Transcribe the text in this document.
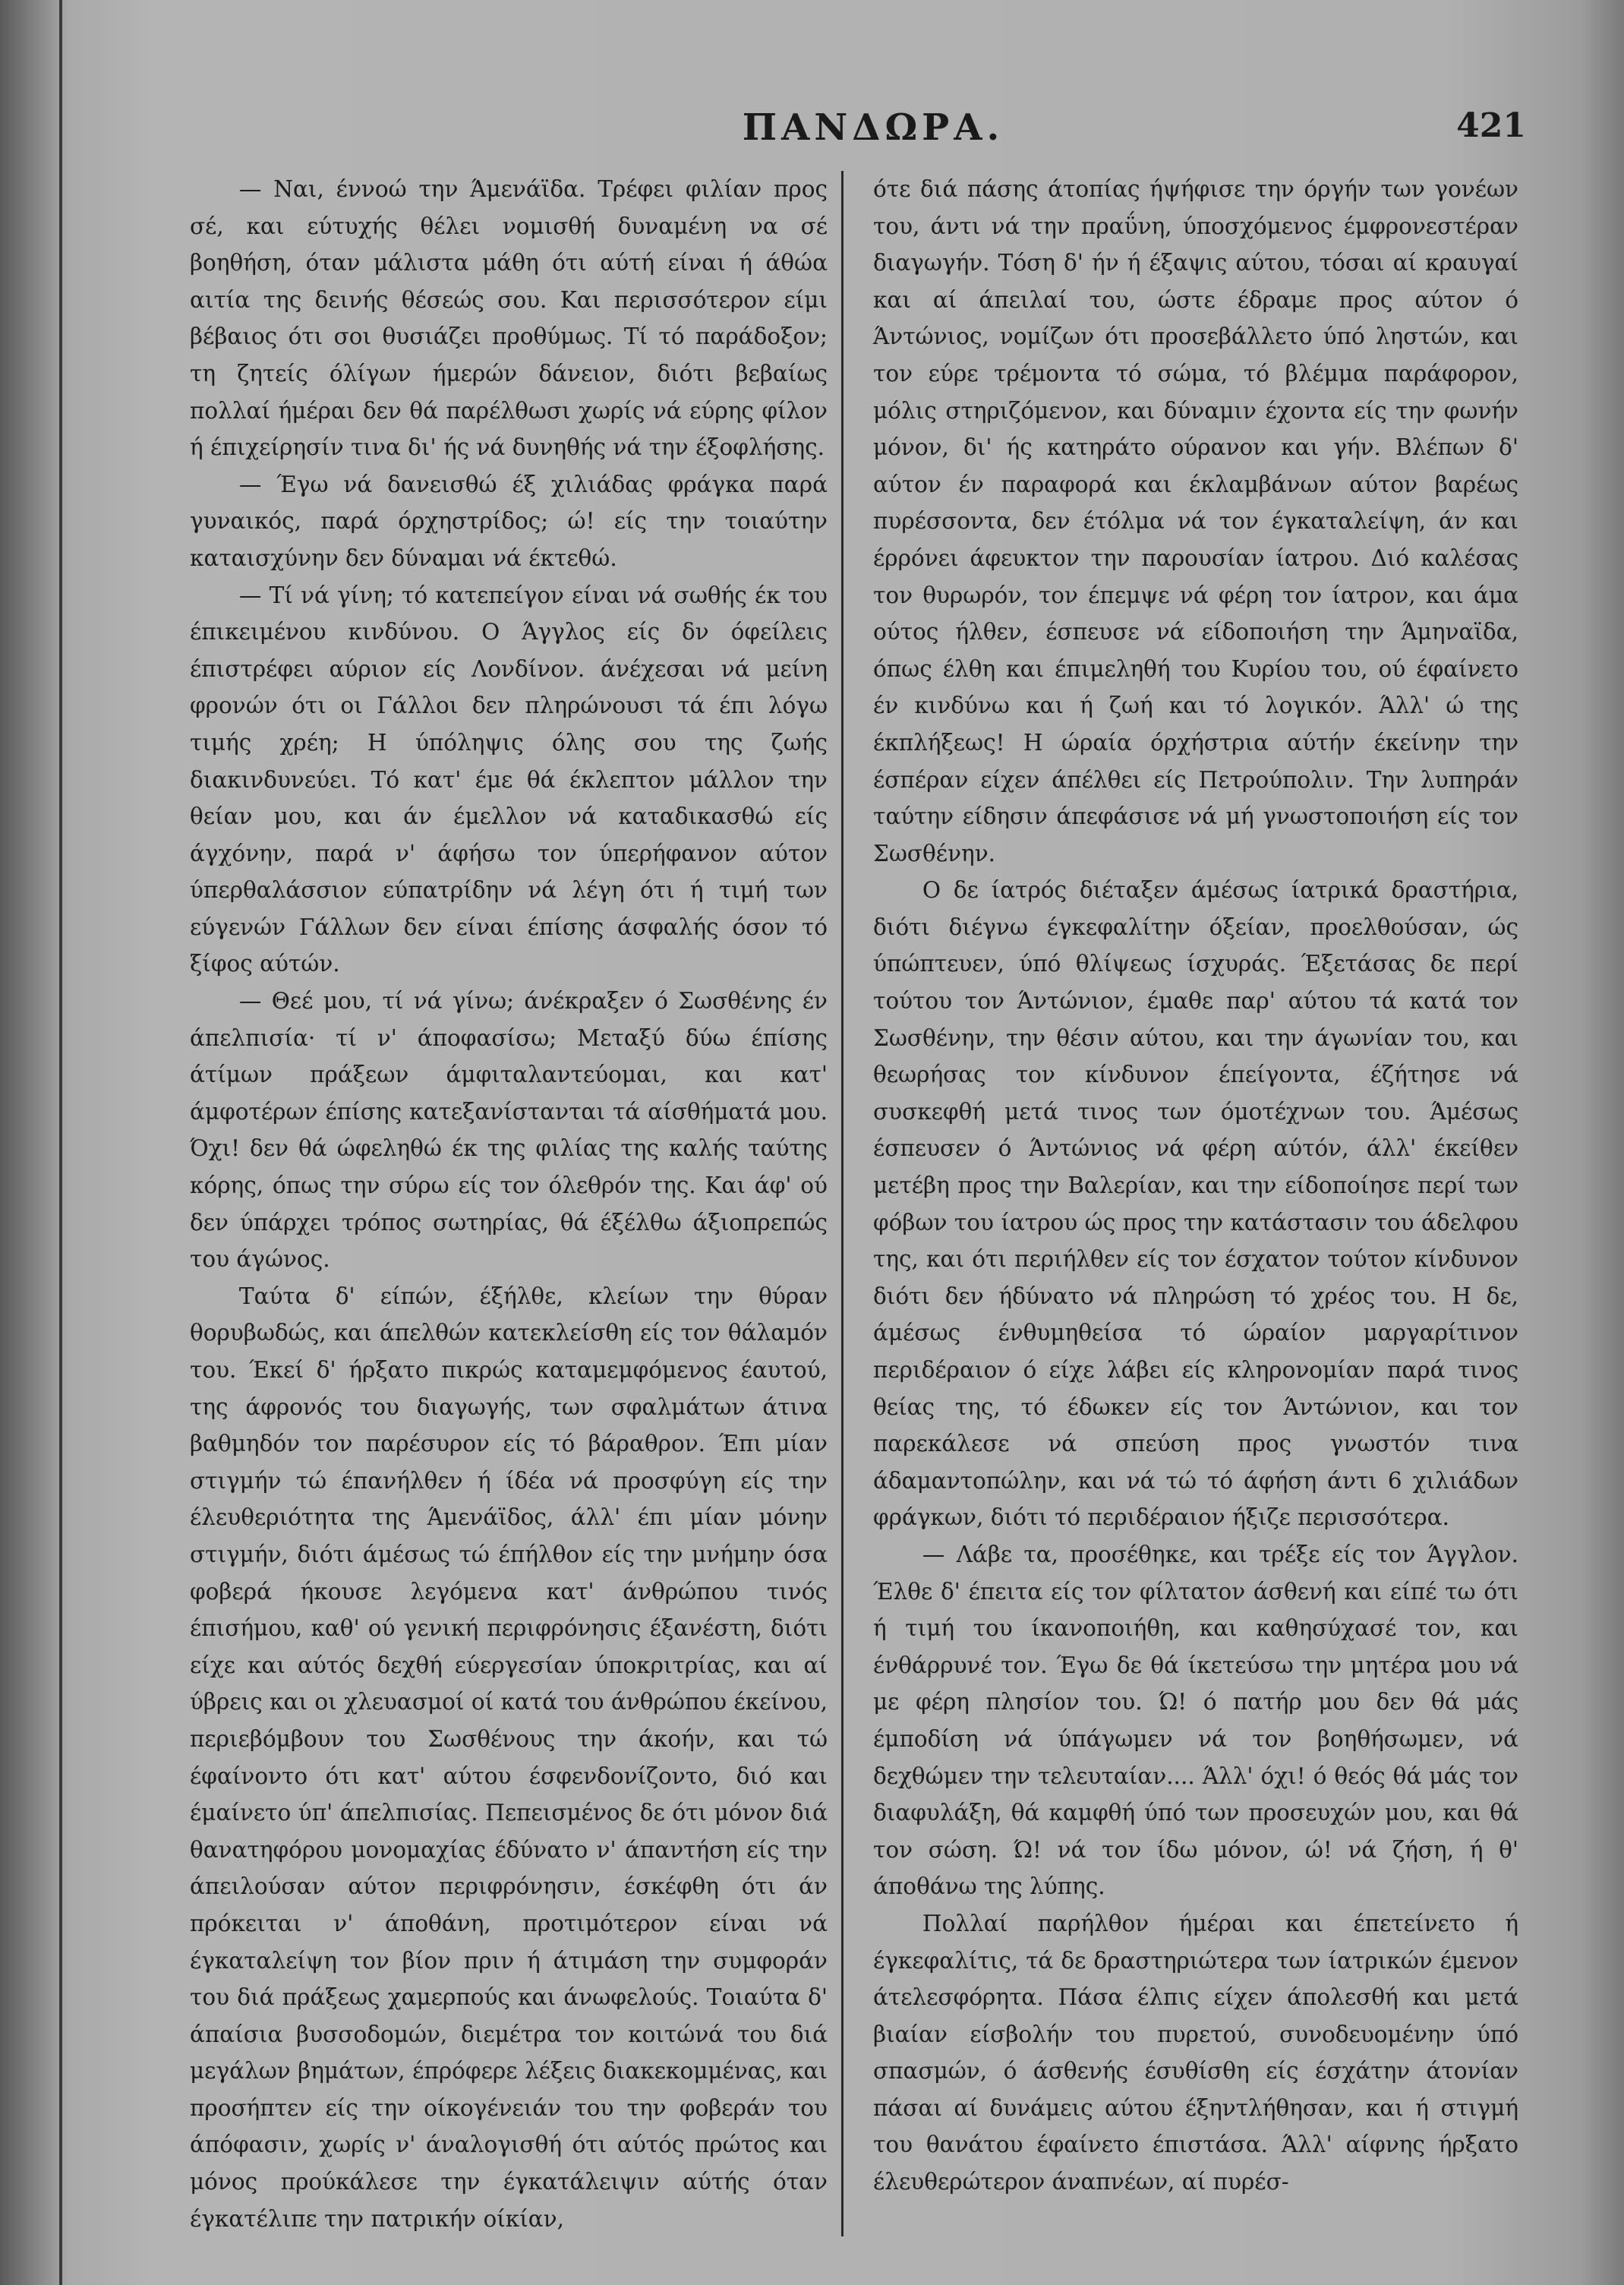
ΠΑΝΔΩΡΑ.	421

— Ναι, έννοώ την Άμενάϊδα. Τρέφει φιλίαν προς σέ, και εύτυχής θέλει νομισθή δυναμένη να σέ βοηθήση, όταν μάλιστα μάθη ότι αύτή είναι ή άθώα αιτία της δεινής θέσεώς σου. Και περισσότερον είμι βέβαιος ότι σοι θυσιάζει προθύμως. Τί τό παράδοξον; τη ζητείς όλίγων ήμερών δάνειον, διότι βεβαίως πολλαί ήμέραι δεν θά παρέλθωσι χωρίς νά εύρης φίλον ή έπιχείρησίν τινα δι' ής νά δυνηθής νά την έξοφλήσης.

— Έγω νά δανεισθώ έξ χιλιάδας φράγκα παρά γυναικός, παρά όρχηστρίδος; ώ! είς την τοιαύτην καταισχύνην δεν δύναμαι νά έκτεθώ.

— Τί νά γίνη; τό κατεπείγον είναι νά σωθής έκ του έπικειμένου κινδύνου. Ο Άγγλος είς δν όφείλεις έπιστρέφει αύριον είς Λονδίνον. άνέχεσαι νά μείνη φρονών ότι οι Γάλλοι δεν πληρώνουσι τά έπι λόγω τιμής χρέη; Η ύπόληψις όλης σου της ζωής διακινδυνεύει. Τό κατ' έμε θά έκλεπτον μάλλον την θείαν μου, και άν έμελλον νά καταδικασθώ είς άγχόνην, παρά ν' άφήσω τον ύπερήφανον αύτον ύπερθαλάσσιον εύπατρίδην νά λέγη ότι ή τιμή των εύγενών Γάλλων δεν είναι έπίσης άσφαλής όσον τό ξίφος αύτών.

— Θεέ μου, τί νά γίνω; άνέκραξεν ό Σωσθένης έν άπελπισία· τί ν' άποφασίσω; Μεταξύ δύω έπίσης άτίμων πράξεων άμφιταλαντεύομαι, και κατ' άμφοτέρων έπίσης κατεξανίστανται τά αίσθήματά μου. Όχι! δεν θά ώφεληθώ έκ της φιλίας της καλής ταύτης κόρης, όπως την σύρω είς τον όλεθρόν της. Και άφ' ού δεν ύπάρχει τρόπος σωτηρίας, θά έξέλθω άξιοπρεπώς του άγώνος.

Ταύτα δ' είπών, έξήλθε, κλείων την θύραν θορυβωδώς, και άπελθών κατεκλείσθη είς τον θάλαμόν του. Έκεί δ' ήρξατο πικρώς καταμεμφόμενος έαυτού, της άφρονός του διαγωγής, των σφαλμάτων άτινα βαθμηδόν τον παρέσυρον είς τό βάραθρον. Έπι μίαν στιγμήν τώ έπανήλθεν ή ίδέα νά προσφύγη είς την έλευθεριότητα της Άμενάϊδος, άλλ' έπι μίαν μόνην στιγμήν, διότι άμέσως τώ έπήλθον είς την μνήμην όσα φοβερά ήκουσε λεγόμενα κατ' άνθρώπου τινός έπισήμου, καθ' ού γενική περιφρόνησις έξανέστη, διότι είχε και αύτός δεχθή εύεργεσίαν ύποκριτρίας, και αί ύβρεις και οι χλευασμοί οί κατά του άνθρώπου έκείνου, περιεβόμβουν του Σωσθένους την άκοήν, και τώ έφαίνοντο ότι κατ' αύτου έσφενδονίζοντο, διό και έμαίνετο ύπ' άπελπισίας. Πεπεισμένος δε ότι μόνον διά θανατηφόρου μονομαχίας έδύνατο ν' άπαντήση είς την άπειλούσαν αύτον περιφρόνησιν, έσκέφθη ότι άν πρόκειται ν' άποθάνη, προτιμότερον είναι νά έγκαταλείψη τον βίον πριν ή άτιμάση την συμφοράν του διά πράξεως χαμερπούς και άνωφελούς. Τοιαύτα δ' άπαίσια βυσσοδομών, διεμέτρα τον κοιτώνά του διά μεγάλων βημάτων, έπρόφερε λέξεις διακεκομμένας, και προσήπτεν είς την οίκογένειάν του την φοβεράν του άπόφασιν, χωρίς ν' άναλογισθή ότι αύτός πρώτος και μόνος προύκάλεσε την έγκατάλειψιν αύτής όταν έγκατέλιπε την πατρικήν οίκίαν,

ότε διά πάσης άτοπίας ήψήφισε την όργήν των γονέων του, άντι νά την πραΰνη, ύποσχόμενος έμφρονεστέραν διαγωγήν. Τόση δ' ήν ή έξαψις αύτου, τόσαι αί κραυγαί και αί άπειλαί του, ώστε έδραμε προς αύτον ό Άντώνιος, νομίζων ότι προσεβάλλετο ύπό ληστών, και τον εύρε τρέμοντα τό σώμα, τό βλέμμα παράφορον, μόλις στηριζόμενον, και δύναμιν έχοντα είς την φωνήν μόνον, δι' ής κατηράτο ούρανον και γήν. Βλέπων δ' αύτον έν παραφορά και έκλαμβάνων αύτον βαρέως πυρέσσοντα, δεν έτόλμα νά τον έγκαταλείψη, άν και έρρόνει άφευκτον την παρουσίαν ίατρου. Διό καλέσας τον θυρωρόν, τον έπεμψε νά φέρη τον ίατρον, και άμα ούτος ήλθεν, έσπευσε νά είδοποιήση την Άμηναϊδα, όπως έλθη και έπιμεληθή του Κυρίου του, ού έφαίνετο έν κινδύνω και ή ζωή και τό λογικόν. Άλλ' ώ της έκπλήξεως! Η ώραία όρχήστρια αύτήν έκείνην την έσπέραν είχεν άπέλθει είς Πετρούπολιν. Την λυπηράν ταύτην είδησιν άπεφάσισε νά μή γνωστοποιήση είς τον Σωσθένην.

Ο δε ίατρός διέταξεν άμέσως ίατρικά δραστήρια, διότι διέγνω έγκεφαλίτην όξείαν, προελθούσαν, ώς ύπώπτευεν, ύπό θλίψεως ίσχυράς. Έξετάσας δε περί τούτου τον Άντώνιον, έμαθε παρ' αύτου τά κατά τον Σωσθένην, την θέσιν αύτου, και την άγωνίαν του, και θεωρήσας τον κίνδυνον έπείγοντα, έζήτησε νά συσκεφθή μετά τινος των όμοτέχνων του. Άμέσως έσπευσεν ό Άντώνιος νά φέρη αύτόν, άλλ' έκείθεν μετέβη προς την Βαλερίαν, και την είδοποίησε περί των φόβων του ίατρου ώς προς την κατάστασιν του άδελφου της, και ότι περιήλθεν είς τον έσχατον τούτον κίνδυνον διότι δεν ήδύνατο νά πληρώση τό χρέος του. Η δε, άμέσως ένθυμηθείσα τό ώραίον μαργαρίτινον περιδέραιον ό είχε λάβει είς κληρονομίαν παρά τινος θείας της, τό έδωκεν είς τον Άντώνιον, και τον παρεκάλεσε νά σπεύση προς γνωστόν τινα άδαμαντοπώλην, και νά τώ τό άφήση άντι 6 χιλιάδων φράγκων, διότι τό περιδέραιον ήξιζε περισσότερα.

— Λάβε τα, προσέθηκε, και τρέξε είς τον Άγγλον. Έλθε δ' έπειτα είς τον φίλτατον άσθενή και είπέ τω ότι ή τιμή του ίκανοποιήθη, και καθησύχασέ τον, και ένθάρρυνέ τον. Έγω δε θά ίκετεύσω την μητέρα μου νά με φέρη πλησίον του. Ώ! ό πατήρ μου δεν θά μάς έμποδίση νά ύπάγωμεν νά τον βοηθήσωμεν, νά δεχθώμεν την τελευταίαν.... Άλλ' όχι! ό θεός θά μάς τον διαφυλάξη, θά καμφθή ύπό των προσευχών μου, και θά τον σώση. Ώ! νά τον ίδω μόνον, ώ! νά ζήση, ή θ' άποθάνω της λύπης.

Πολλαί παρήλθον ήμέραι και έπετείνετο ή έγκεφαλίτις, τά δε δραστηριώτερα των ίατρικών έμενον άτελεσφόρητα. Πάσα έλπις είχεν άπολεσθή και μετά βιαίαν είσβολήν του πυρετού, συνοδευομένην ύπό σπασμών, ό άσθενής έσυθίσθη είς έσχάτην άτονίαν πάσαι αί δυνάμεις αύτου έξηντλήθησαν, και ή στιγμή του θανάτου έφαίνετο έπιστάσα. Άλλ' αίφνης ήρξατο έλευθερώτερον άναπνέων, αί πυρέσ-
